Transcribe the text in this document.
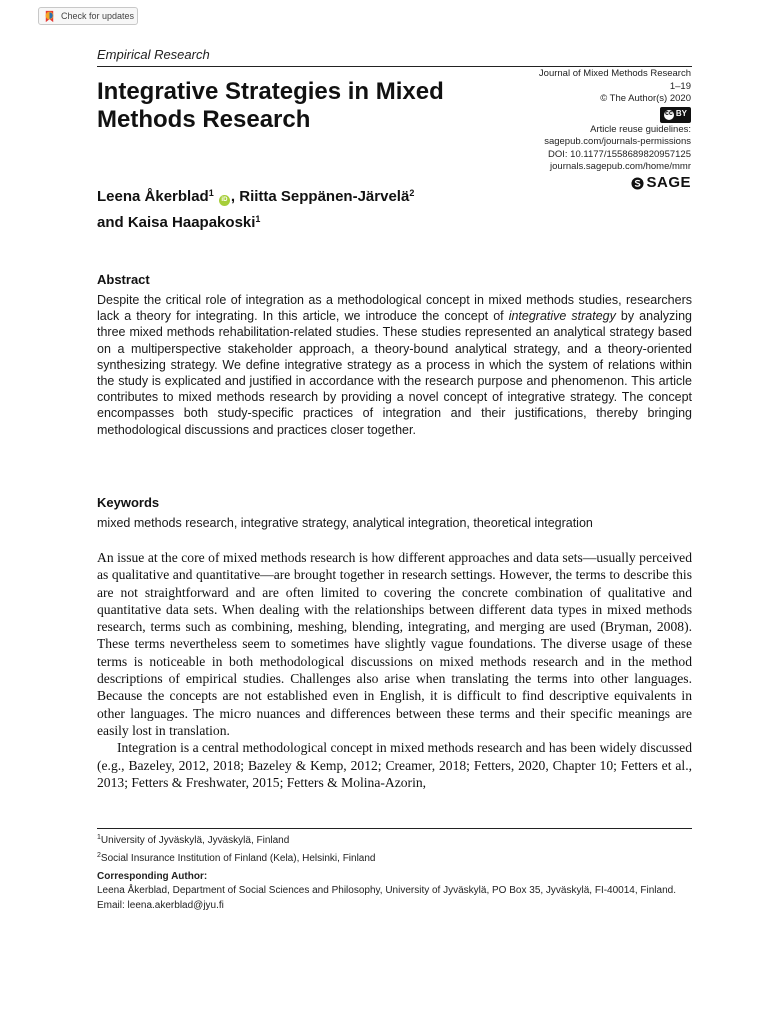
Check for updates
Empirical Research
Integrative Strategies in Mixed Methods Research
Journal of Mixed Methods Research
1–19
© The Author(s) 2020
cc BY
Article reuse guidelines:
sagepub.com/journals-permissions
DOI: 10.1177/1558689820957125
journals.sagepub.com/home/mmr
SAGE
Leena Åkerblad$^1$ iD , Riitta Seppänen-Järvelä$^2$
and Kaisa Haapakoski$^1$
Abstract

Despite the critical role of integration as a methodological concept in mixed methods studies, researchers lack a theory for integrating. In this article, we introduce the concept of integrative strategy by analyzing three mixed methods rehabilitation-related studies. These studies represented an analytical strategy based on a multiperspective stakeholder approach, a theory-bound analytical strategy, and a theory-oriented synthesizing strategy. We define integrative strategy as a process in which the system of relations within the study is explicated and justified in accordance with the research purpose and phenomenon. This article contributes to mixed methods research by providing a novel concept of integrative strategy. The concept encompasses both study-specific practices of integration and their justifications, thereby bringing methodological discussions and practices closer together.

Keywords
mixed methods research, integrative strategy, analytical integration, theoretical integration

An issue at the core of mixed methods research is how different approaches and data sets—usually perceived as qualitative and quantitative—are brought together in research settings. However, the terms to describe this are not straightforward and are often limited to covering the concrete combination of qualitative and quantitative data sets. When dealing with the relationships between different data types in mixed methods research, terms such as combining, meshing, blending, integrating, and merging are used (Bryman, 2008). These terms nevertheless seem to sometimes have slightly vague foundations. The diverse usage of these terms is noticeable in both methodological discussions on mixed methods research and in the method descriptions of empirical studies. Challenges also arise when translating the terms into other languages. Because the concepts are not established even in English, it is difficult to find descriptive equivalents in other languages. The micro nuances and differences between these terms and their specific meanings are easily lost in translation.

Integration is a central methodological concept in mixed methods research and has been widely discussed (e.g., Bazeley, 2012, 2018; Bazeley & Kemp, 2012; Creamer, 2018; Fetters, 2020, Chapter 10; Fetters et al., 2013; Fetters & Freshwater, 2015; Fetters & Molina-Azorin,

$^1$University of Jyväskylä, Jyväskylä, Finland
$^2$Social Insurance Institution of Finland (Kela), Helsinki, Finland
Corresponding Author:
Leena Åkerblad, Department of Social Sciences and Philosophy, University of Jyväskylä, PO Box 35, Jyväskylä, FI-40014, Finland.
Email: leena.akerblad@jyu.fi
